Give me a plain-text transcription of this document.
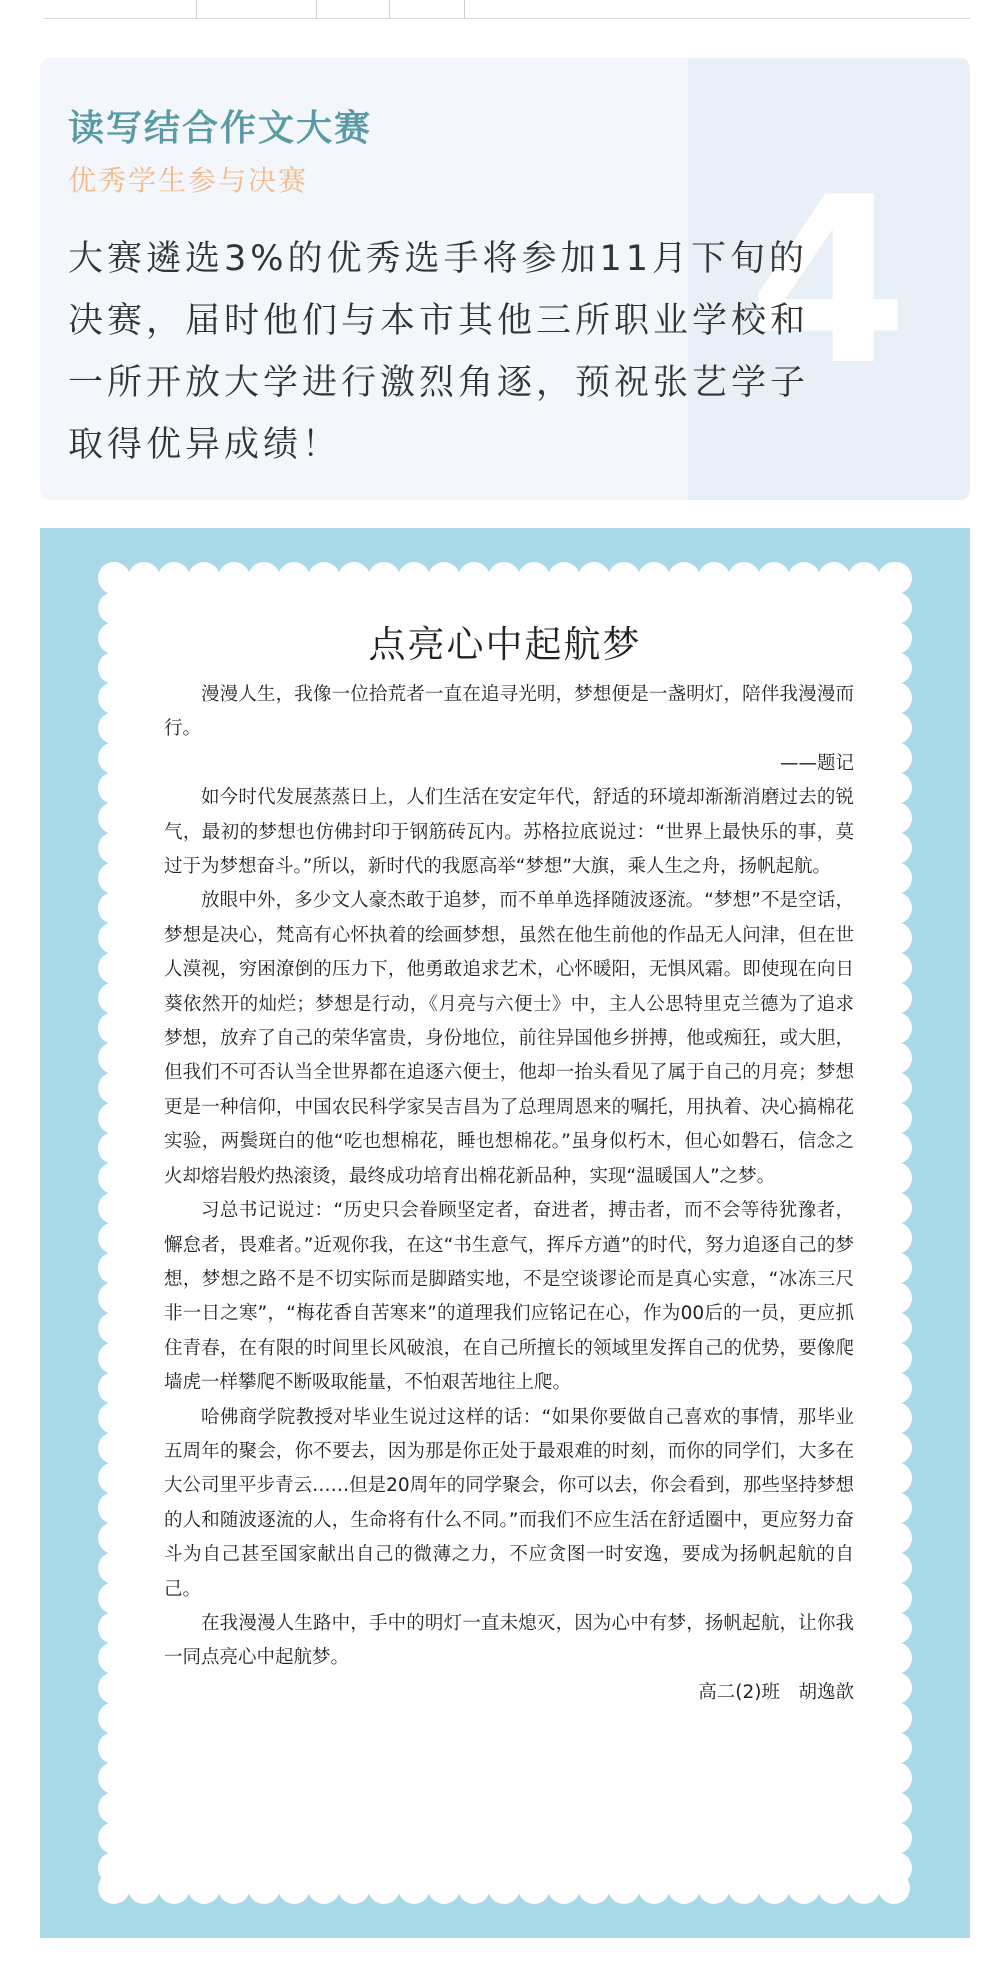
4
读写结合作文大赛
优秀学生参与决赛
大赛遴选3%的优秀选手将参加11月下旬的决赛，届时他们与本市其他三所职业学校和一所开放大学进行激烈角逐，预祝张艺学子取得优异成绩！
点亮心中起航梦

漫漫人生，我像一位拾荒者一直在追寻光明，梦想便是一盏明灯，陪伴我漫漫而行。

——题记

如今时代发展蒸蒸日上，人们生活在安定年代，舒适的环境却渐渐消磨过去的锐气，最初的梦想也仿佛封印于钢筋砖瓦内。苏格拉底说过：“世界上最快乐的事，莫过于为梦想奋斗。”所以，新时代的我愿高举“梦想”大旗，乘人生之舟，扬帆起航。

放眼中外，多少文人豪杰敢于追梦，而不单单选择随波逐流。“梦想”不是空话，梦想是决心，梵高有心怀执着的绘画梦想，虽然在他生前他的作品无人问津，但在世人漠视，穷困潦倒的压力下，他勇敢追求艺术，心怀暖阳，无惧风霜。即使现在向日葵依然开的灿烂；梦想是行动，《月亮与六便士》中，主人公思特里克兰德为了追求梦想，放弃了自己的荣华富贵，身份地位，前往异国他乡拼搏，他或痴狂，或大胆，但我们不可否认当全世界都在追逐六便士，他却一抬头看见了属于自己的月亮；梦想更是一种信仰，中国农民科学家吴吉昌为了总理周恩来的嘱托，用执着、决心搞棉花实验，两鬓斑白的他“吃也想棉花，睡也想棉花。”虽身似朽木，但心如磐石，信念之火却熔岩般灼热滚烫，最终成功培育出棉花新品种，实现“温暖国人”之梦。

习总书记说过：“历史只会眷顾坚定者，奋进者，搏击者，而不会等待犹豫者，懈怠者，畏难者。”近观你我，在这“书生意气，挥斥方遒”的时代，努力追逐自己的梦想，梦想之路不是不切实际而是脚踏实地，不是空谈谬论而是真心实意，“冰冻三尺非一日之寒”，“梅花香自苦寒来”的道理我们应铭记在心，作为00后的一员，更应抓住青春，在有限的时间里长风破浪，在自己所擅长的领域里发挥自己的优势，要像爬墙虎一样攀爬不断吸取能量，不怕艰苦地往上爬。

哈佛商学院教授对毕业生说过这样的话：“如果你要做自己喜欢的事情，那毕业五周年的聚会，你不要去，因为那是你正处于最艰难的时刻，而你的同学们，大多在大公司里平步青云……但是20周年的同学聚会，你可以去，你会看到，那些坚持梦想的人和随波逐流的人，生命将有什么不同。”而我们不应生活在舒适圈中，更应努力奋斗为自己甚至国家献出自己的微薄之力，不应贪图一时安逸，要成为扬帆起航的自己。

在我漫漫人生路中，手中的明灯一直未熄灭，因为心中有梦，扬帆起航，让你我一同点亮心中起航梦。

高二(2)班　胡逸歆
